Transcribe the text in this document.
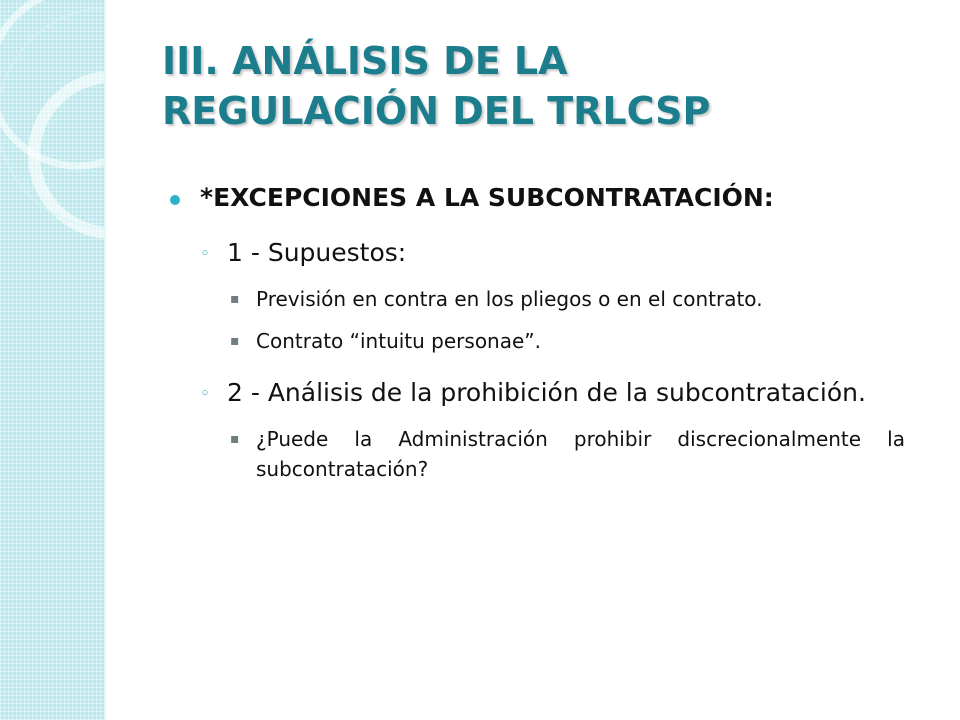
III. ANÁLISIS DE LA
REGULACIÓN DEL TRLCSP
*EXCEPCIONES A LA SUBCONTRATACIÓN:
◦ 1 - Supuestos:
▪ Previsión en contra en los pliegos o en el contrato.
▪ Contrato “intuitu personae”.
◦ 2 - Análisis de la prohibición de la subcontratación.
▪ ¿Puede la Administración prohibir discrecionalmente la subcontratación?
